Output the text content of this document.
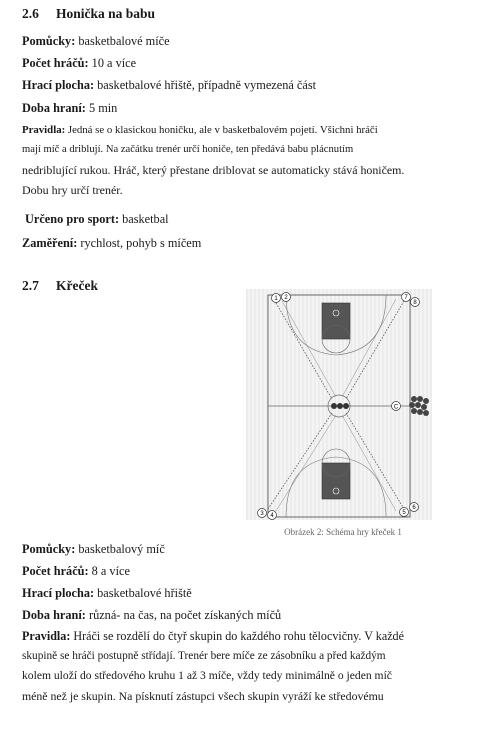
2.6 Honička na babu
Pomůcky: basketbalové míče
Počet hráčů: 10 a více
Hrací plocha: basketbalové hřiště, případně vymezená část
Doba hraní: 5 min
Pravidla: Jedná se o klasickou honičku, ale v basketbalovém pojetí. Všichni hráči
mají míč a driblují. Na začátku trenér určí honiče, ten předává babu plácnutím
nedriblující rukou. Hráč, který přestane driblovat se automaticky stává honičem.
Dobu hry určí trenér.
Určeno pro sport: basketbal
Zaměření: rychlost, pohyb s míčem
2.7 Křeček
C
1 2
3 4	5
6
7
8
Obrázek 2: Schéma hry křeček 1
Pomůcky: basketbalový míč
Počet hráčů: 8 a více
Hrací plocha: basketbalové hřiště
Doba hraní: různá- na čas, na počet získaných míčů
Pravidla: Hráči se rozdělí do čtyř skupin do každého rohu tělocvičny. V každé
skupině se hráči postupně střídají. Trenér bere míče ze zásobníku a před každým
kolem uloží do středového kruhu 1 až 3 míče, vždy tedy minimálně o jeden míč
méně než je skupin. Na písknutí zástupci všech skupin vyráží ke středovému
